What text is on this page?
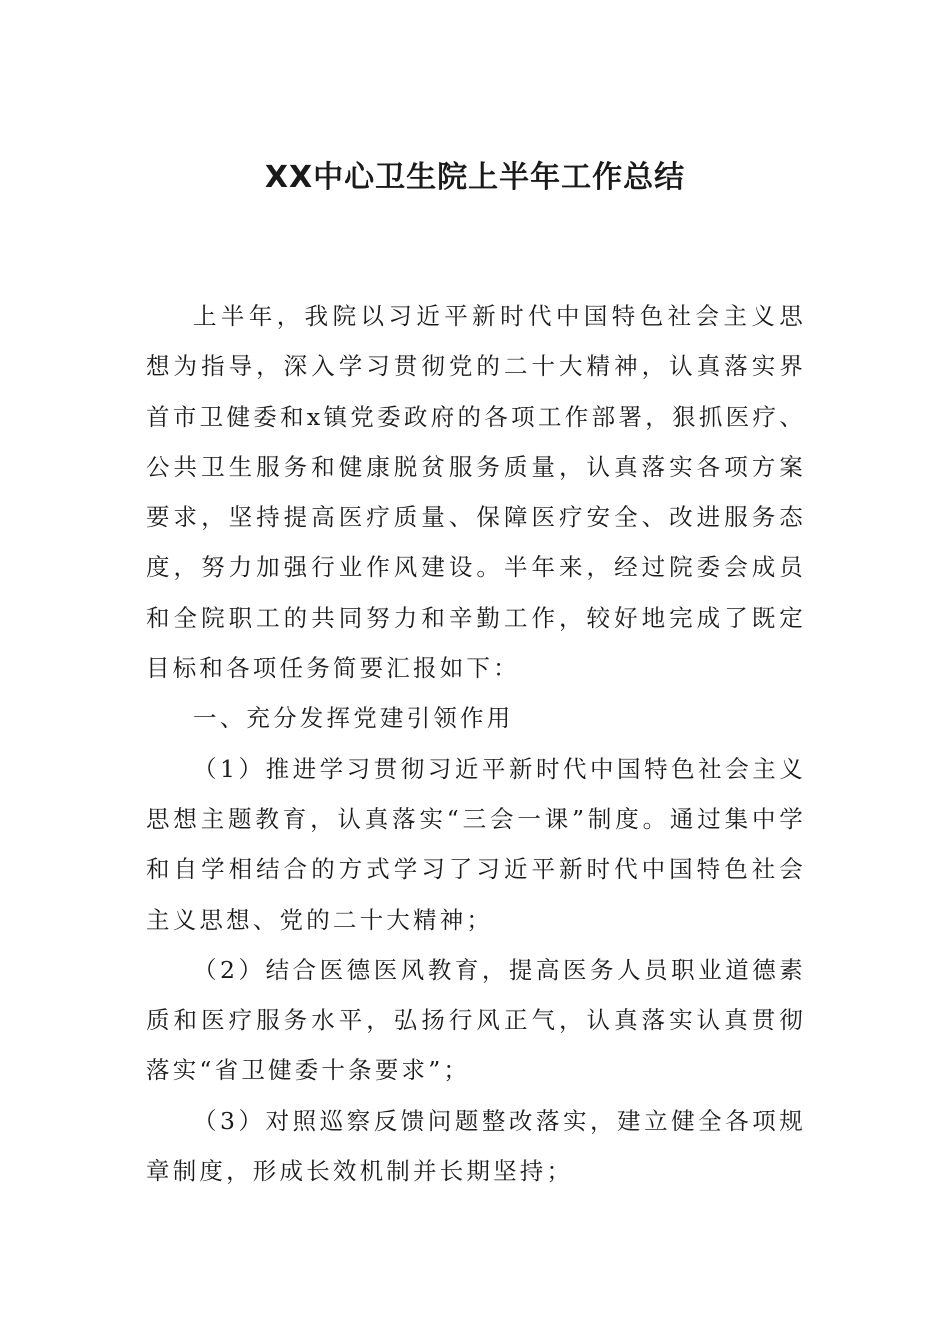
XX中心卫生院上半年工作总结

上半年，我院以习近平新时代中国特色社会主义思想为指导，深入学习贯彻党的二十大精神，认真落实界首市卫健委和x镇党委政府的各项工作部署，狠抓医疗、公共卫生服务和健康脱贫服务质量，认真落实各项方案要求，坚持提高医疗质量、保障医疗安全、改进服务态度，努力加强行业作风建设。半年来，经过院委会成员和全院职工的共同努力和辛勤工作，较好地完成了既定目标和各项任务简要汇报如下：

一、充分发挥党建引领作用

（1）推进学习贯彻习近平新时代中国特色社会主义思想主题教育，认真落实“三会一课”制度。通过集中学和自学相结合的方式学习了习近平新时代中国特色社会主义思想、党的二十大精神；

（2）结合医德医风教育，提高医务人员职业道德素质和医疗服务水平，弘扬行风正气，认真落实认真贯彻落实“省卫健委十条要求”；

（3）对照巡察反馈问题整改落实，建立健全各项规章制度，形成长效机制并长期坚持；
